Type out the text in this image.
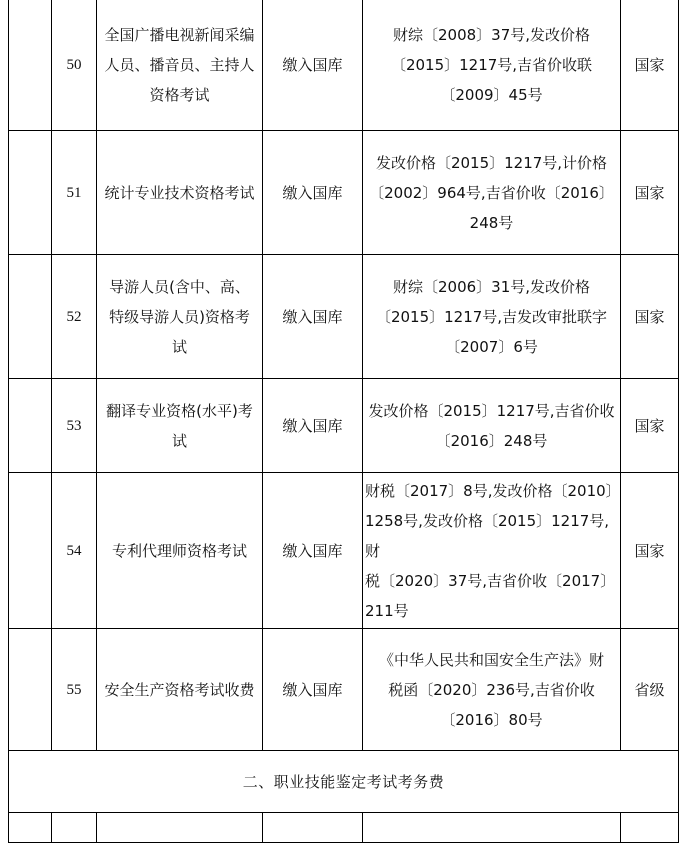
	50	全国广播电视新闻采编
人员、播音员、主持人
资格考试	缴入国库	财综〔2008〕37号,发改价格
〔2015〕1217号,吉省价收联
〔2009〕45号	国家
	51	统计专业技术资格考试	缴入国库	发改价格〔2015〕1217号,计价格
〔2002〕964号,吉省价收〔2016〕
248号	国家
	52	导游人员(含中、高、
特级导游人员)资格考
试	缴入国库	财综〔2006〕31号,发改价格
〔2015〕1217号,吉发改审批联字
〔2007〕6号	国家
	53	翻译专业资格(水平)考
试	缴入国库	发改价格〔2015〕1217号,吉省价收
〔2016〕248号	国家
	54	专利代理师资格考试	缴入国库	财税〔2017〕8号,发改价格〔2010〕
1258号,发改价格〔2015〕1217号,财
税〔2020〕37号,吉省价收〔2017〕
211号	国家
	55	安全生产资格考试收费	缴入国库	《中华人民共和国安全生产法》财
税函〔2020〕236号,吉省价收
〔2016〕80号	省级
二、职业技能鉴定考试考务费					
